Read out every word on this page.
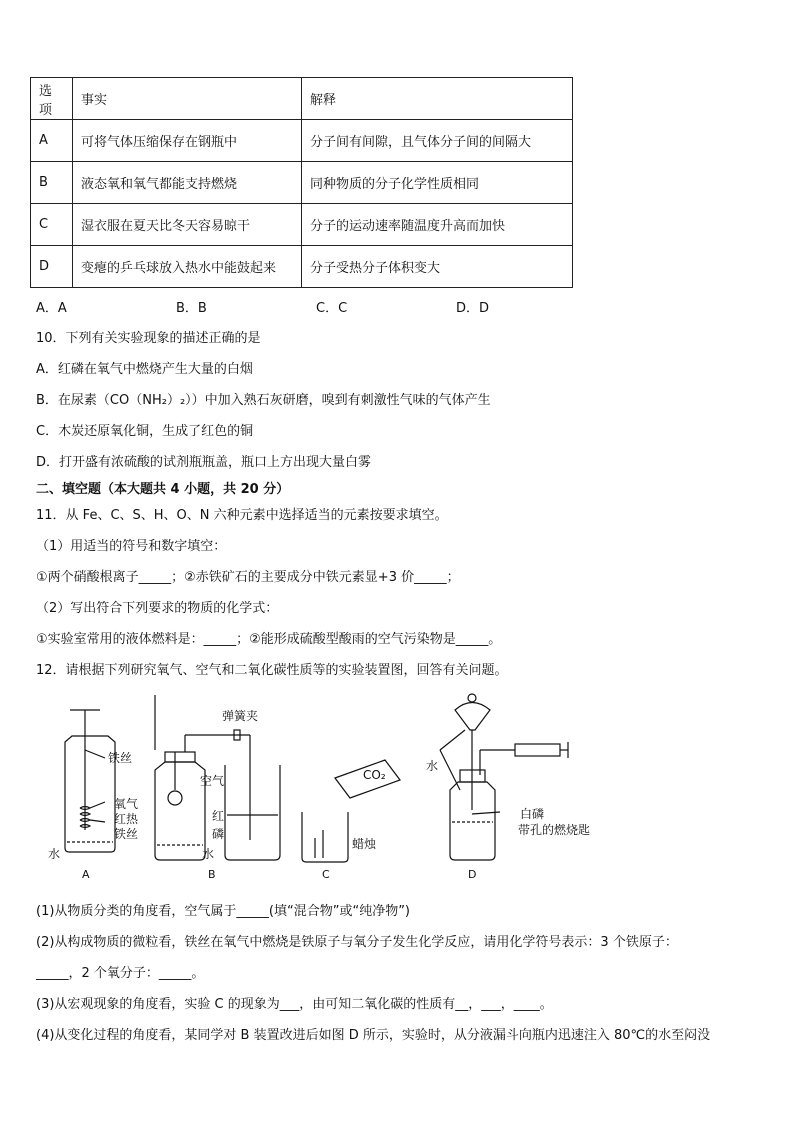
选项	事实	解释
A	可将气体压缩保存在钢瓶中	分子间有间隙，且气体分子间的间隔大
B	液态氧和氧气都能支持燃烧	同种物质的分子化学性质相同
C	湿衣服在夏天比冬天容易晾干	分子的运动速率随温度升高而加快
D	变瘪的乒乓球放入热水中能鼓起来	分子受热分子体积变大
A．A	B．B	C．C	D．D
10．下列有关实验现象的描述正确的是
A．红磷在氧气中燃烧产生大量的白烟
B．在尿素（CO（NH₂）₂））中加入熟石灰研磨，嗅到有刺激性气味的气体产生
C．木炭还原氧化铜，生成了红色的铜
D．打开盛有浓硫酸的试剂瓶瓶盖，瓶口上方出现大量白雾
二、填空题（本大题共 4 小题，共 20 分）
11．从 Fe、C、S、H、O、N 六种元素中选择适当的元素按要求填空。
（1）用适当的符号和数字填空：
①两个硝酸根离子_____；②赤铁矿石的主要成分中铁元素显+3 价_____；
（2）写出符合下列要求的物质的化学式：
①实验室常用的液体燃料是：_____；②能形成硫酸型酸雨的空气污染物是_____。
12．请根据下列研究氧气、空气和二氧化碳性质等的实验装置图，回答有关问题。
铁丝
氧气
红热
铁丝
水
A
弹簧夹
空气
红
磷
水
B
CO₂
蜡烛
C
水
白磷
带孔的燃烧匙
D
(1)从物质分类的角度看，空气属于_____(填“混合物”或“纯净物”)
(2)从构成物质的微粒看，铁丝在氧气中燃烧是铁原子与氧分子发生化学反应，请用化学符号表示：3 个铁原子：
_____，2 个氧分子：_____。
(3)从宏观现象的角度看，实验 C 的现象为___，由可知二氧化碳的性质有__，___，____。
(4)从变化过程的角度看，某同学对 B 装置改进后如图 D 所示，实验时，从分液漏斗向瓶内迅速注入 80℃的水至闷没
